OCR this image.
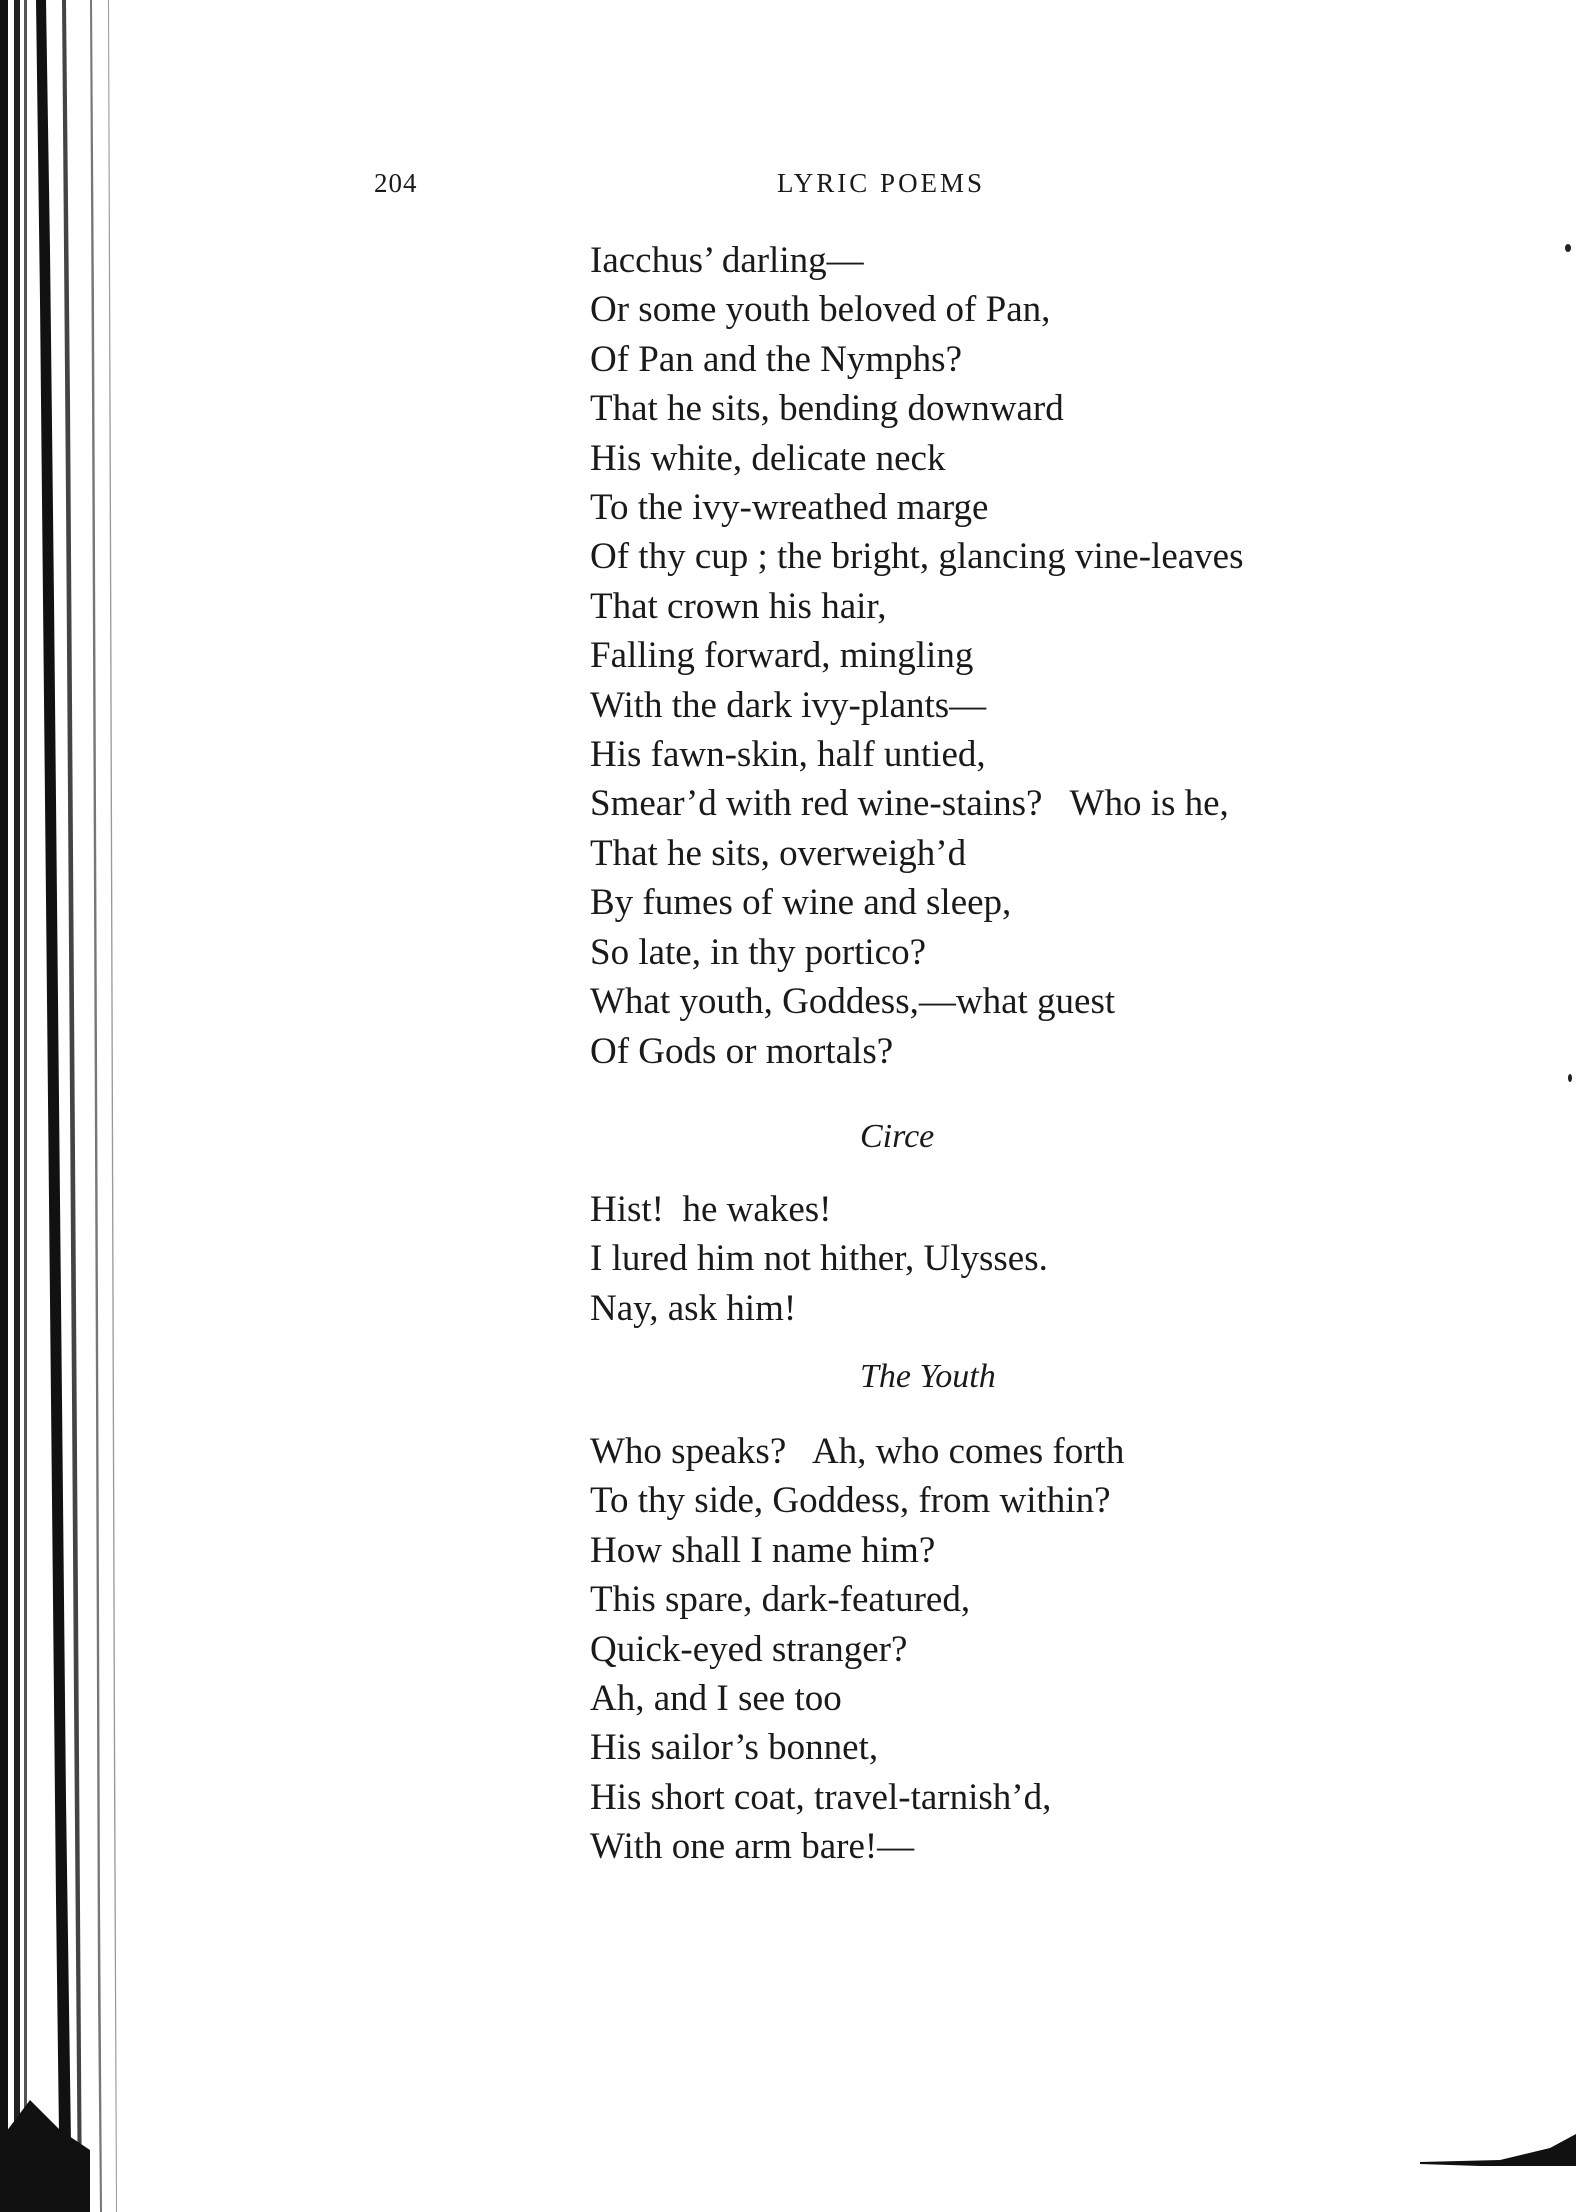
204	LYRIC POEMS
Iacchus’ darling—
Or some youth beloved of Pan,
Of Pan and the Nymphs?
That he sits, bending downward
His white, delicate neck
To the ivy-wreathed marge
Of thy cup ; the bright, glancing vine-leaves
That crown his hair,
Falling forward, mingling
With the dark ivy-plants—
His fawn-skin, half untied,
Smear’d with red wine-stains?   Who is he,
That he sits, overweigh’d
By fumes of wine and sleep,
So late, in thy portico?
What youth, Goddess,—what guest
Of Gods or mortals?
Circe
Hist!  he wakes!
I lured him not hither, Ulysses.
Nay, ask him!
The Youth
Who speaks?   Ah, who comes forth
To thy side, Goddess, from within?
How shall I name him?
This spare, dark-featured,
Quick-eyed stranger?
Ah, and I see too
His sailor’s bonnet,
His short coat, travel-tarnish’d,
With one arm bare!—
